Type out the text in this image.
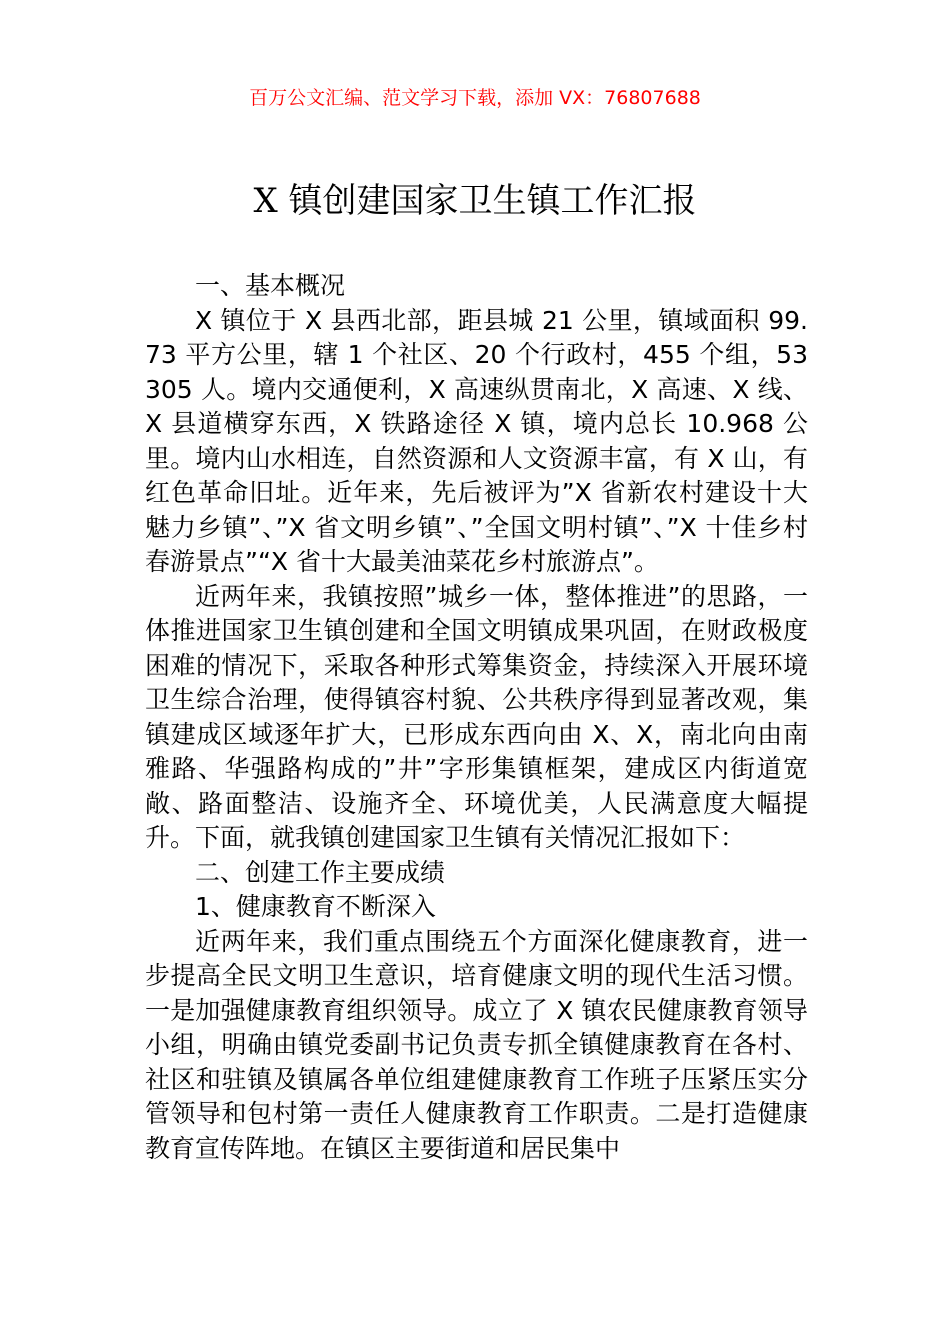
百万公文汇编、范文学习下载，添加 VX：76807688
X 镇创建国家卫生镇工作汇报

一、基本概况

X 镇位于 X 县西北部，距县城 21 公里，镇域面积 99.73 平方公里，辖 1 个社区、20 个行政村，455 个组，53305 人。境内交通便利，X 高速纵贯南北，X 高速、X 线、X 县道横穿东西，X 铁路途径 X 镇，境内总长 10.968 公里。境内山水相连，自然资源和人文资源丰富，有 X 山，有红色革命旧址。近年来，先后被评为”X 省新农村建设十大魅力乡镇”、”X 省文明乡镇”、”全国文明村镇”、”X 十佳乡村春游景点”“X 省十大最美油菜花乡村旅游点”。

近两年来，我镇按照”城乡一体，整体推进”的思路，一体推进国家卫生镇创建和全国文明镇成果巩固，在财政极度困难的情况下，采取各种形式筹集资金，持续深入开展环境卫生综合治理，使得镇容村貌、公共秩序得到显著改观，集镇建成区域逐年扩大，已形成东西向由 X、X，南北向由南雅路、华强路构成的”井”字形集镇框架，建成区内街道宽敞、路面整洁、设施齐全、环境优美，人民满意度大幅提升。下面，就我镇创建国家卫生镇有关情况汇报如下：

二、创建工作主要成绩

1、健康教育不断深入

近两年来，我们重点围绕五个方面深化健康教育，进一步提高全民文明卫生意识，培育健康文明的现代生活习惯。一是加强健康教育组织领导。成立了 X 镇农民健康教育领导小组，明确由镇党委副书记负责专抓全镇健康教育在各村、社区和驻镇及镇属各单位组建健康教育工作班子压紧压实分管领导和包村第一责任人健康教育工作职责。二是打造健康教育宣传阵地。在镇区主要街道和居民集中
